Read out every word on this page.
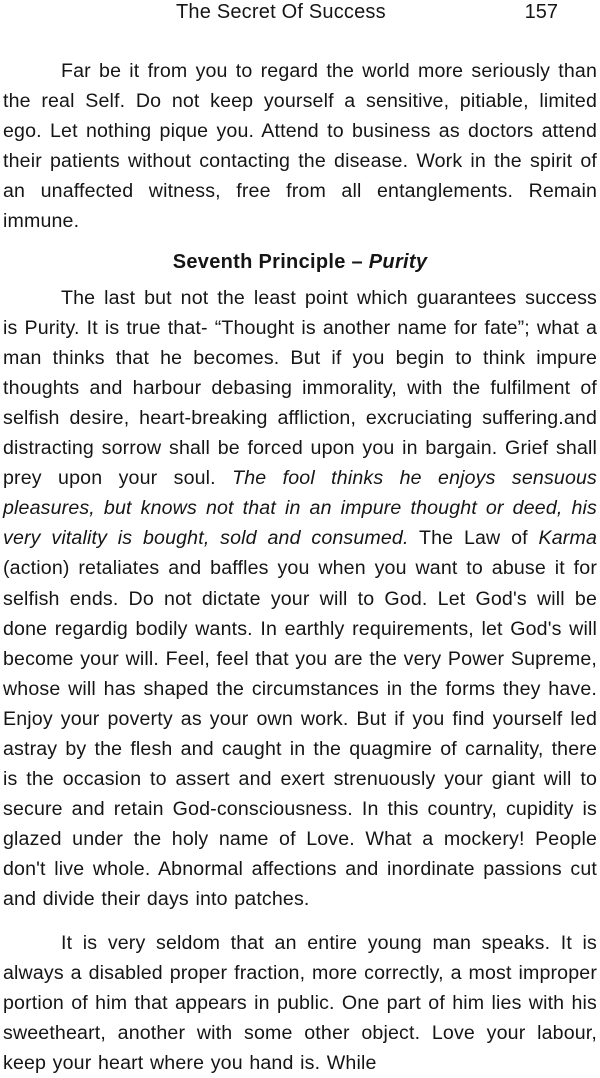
The Secret Of Success	157

Far be it from you to regard the world more seriously than the real Self. Do not keep yourself a sensitive, pitiable, limited ego. Let nothing pique you. Attend to business as doctors attend their patients without contacting the disease. Work in the spirit of an unaffected witness, free from all entanglements. Remain immune.

Seventh Principle – Purity

The last but not the least point which guarantees success is Purity. It is true that- “Thought is another name for fate”; what a man thinks that he becomes. But if you begin to think impure thoughts and harbour debasing immorality, with the fulfilment of selfish desire, heart-breaking affliction, excruciating suffering.and distracting sorrow shall be forced upon you in bargain. Grief shall prey upon your soul. The fool thinks he enjoys sensuous pleasures, but knows not that in an impure thought or deed, his very vitality is bought, sold and consumed. The Law of Karma (action) retaliates and baffles you when you want to abuse it for selfish ends. Do not dictate your will to God. Let God's will be done regardig bodily wants. In earthly requirements, let God's will become your will. Feel, feel that you are the very Power Supreme, whose will has shaped the circumstances in the forms they have. Enjoy your poverty as your own work. But if you find yourself led astray by the flesh and caught in the quagmire of carnality, there is the occasion to assert and exert strenuously your giant will to secure and retain God-consciousness. In this country, cupidity is glazed under the holy name of Love. What a mockery! People don't live whole. Abnormal affections and inordinate passions cut and divide their days into patches.

It is very seldom that an entire young man speaks. It is always a disabled proper fraction, more correctly, a most improper portion of him that appears in public. One part of him lies with his sweetheart, another with some other object. Love your labour, keep your heart where you hand is. While
